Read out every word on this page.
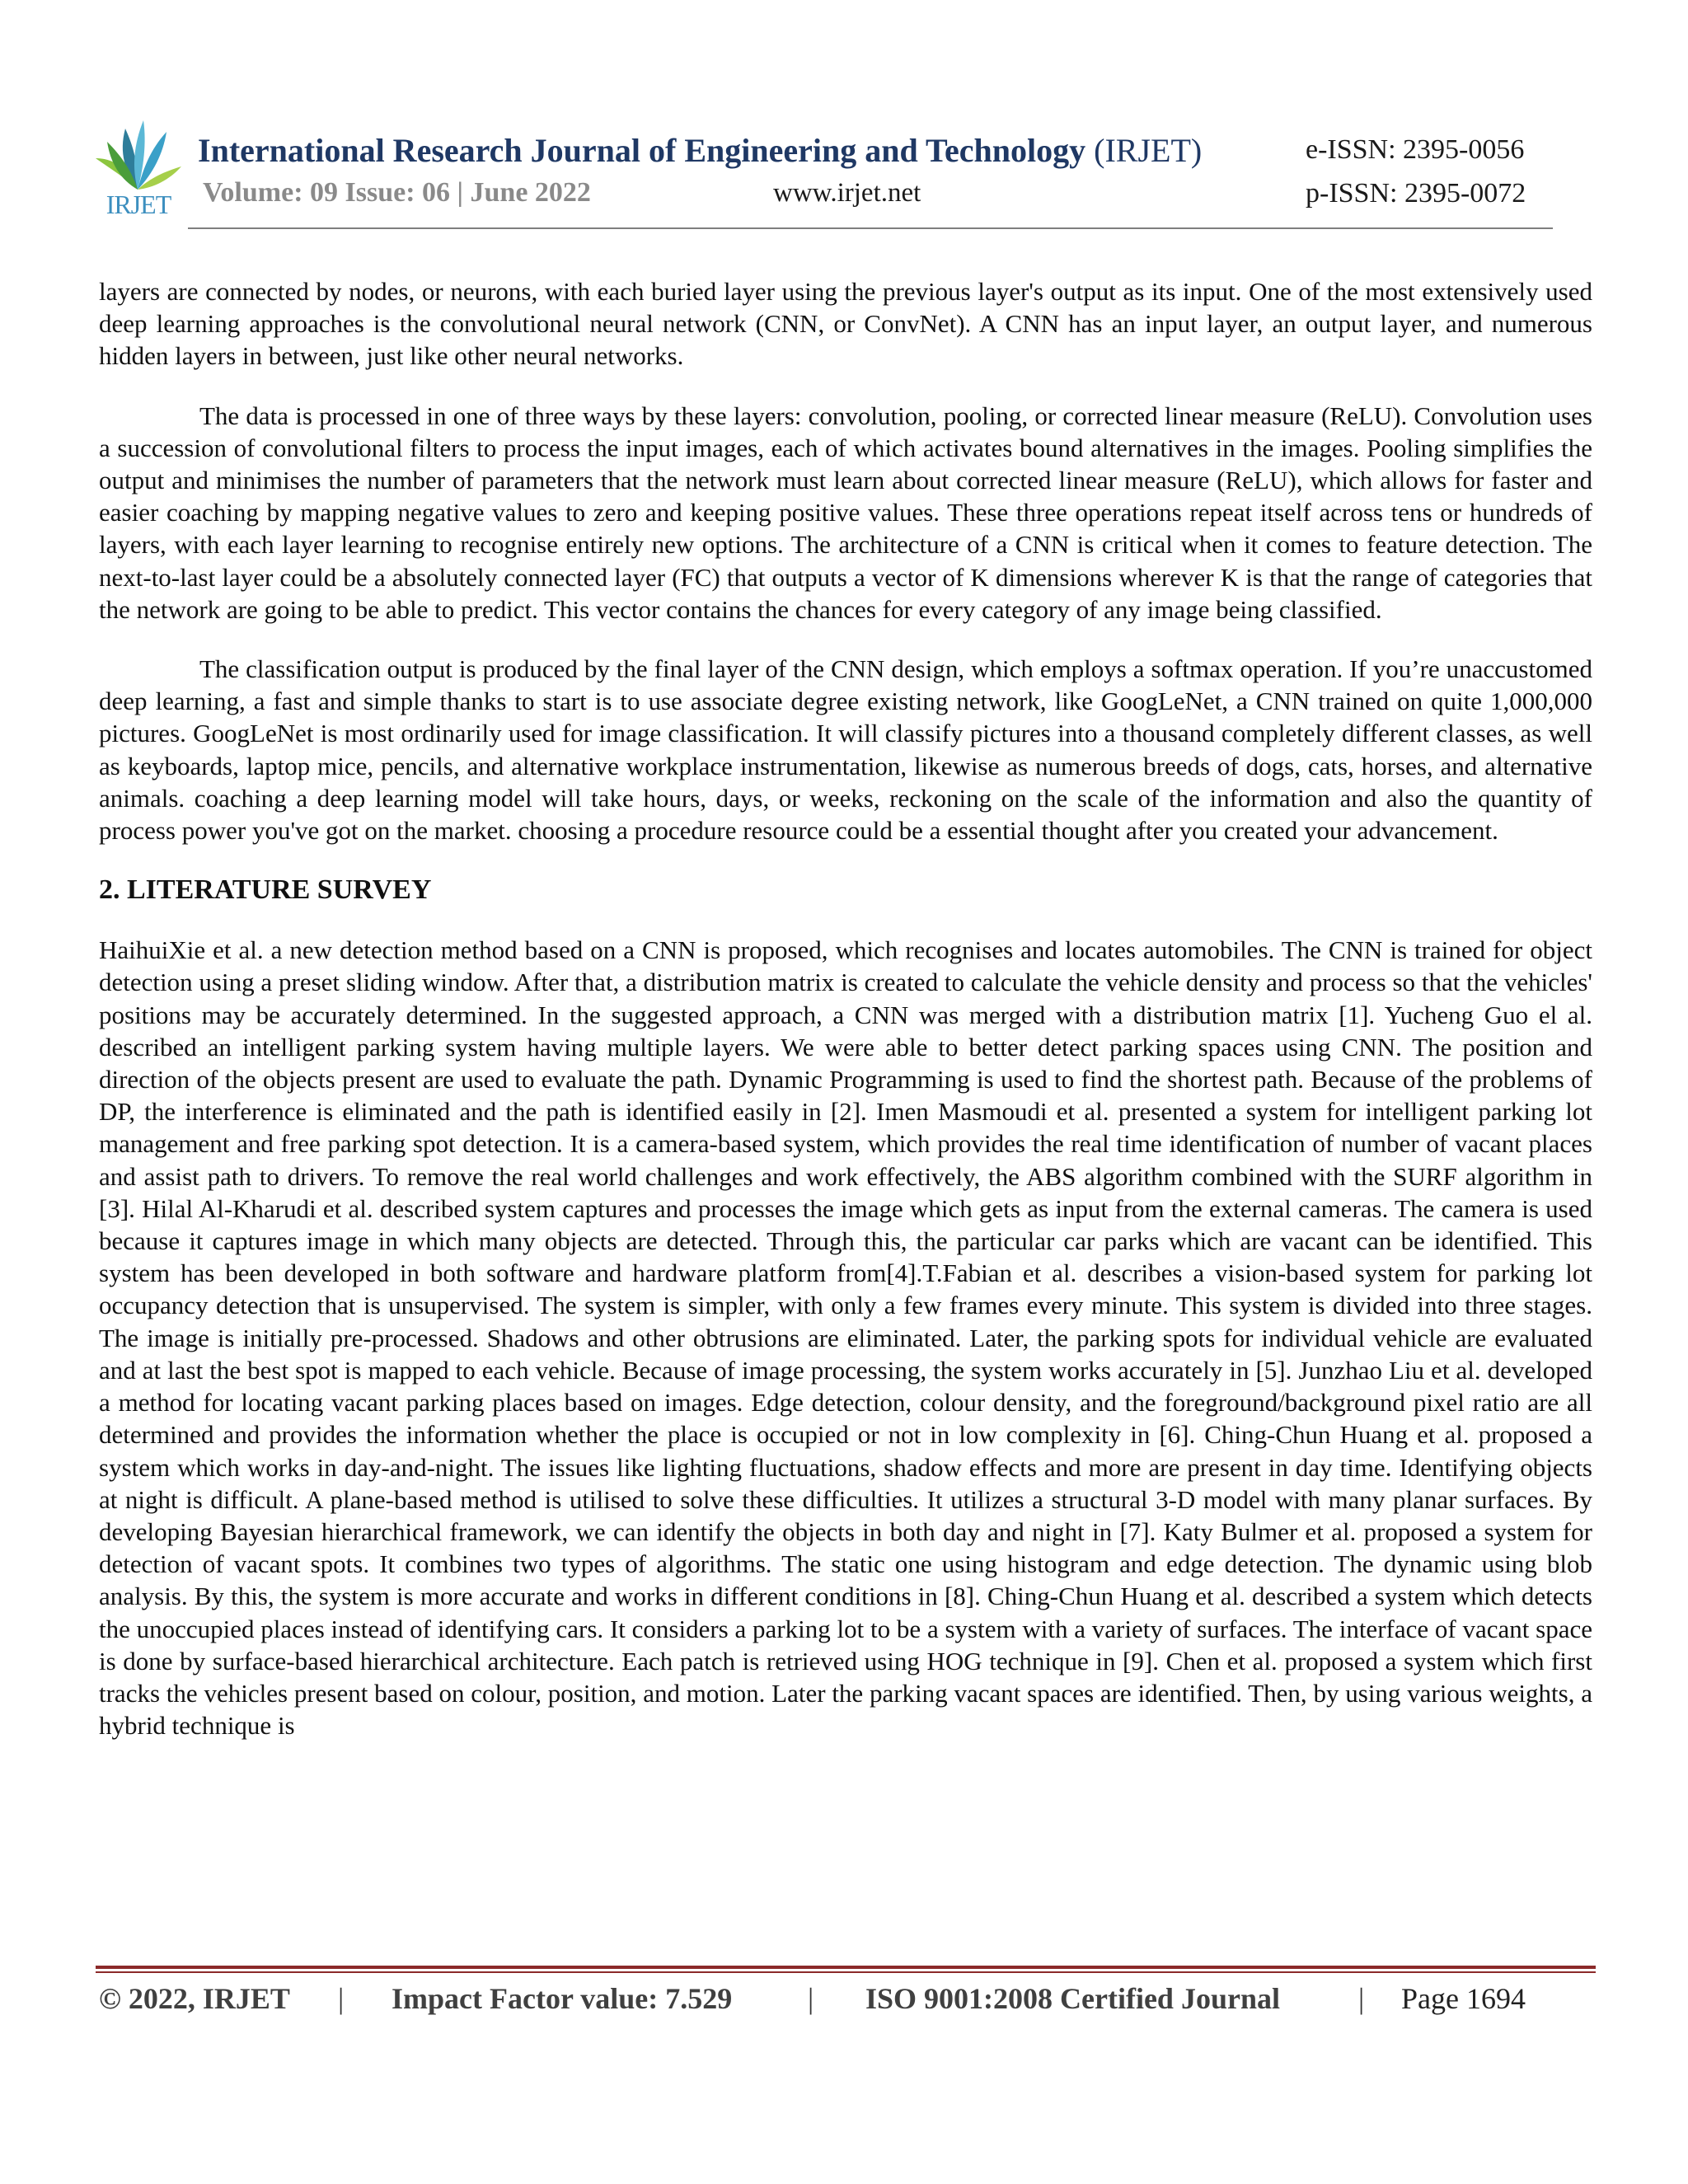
IRJET
International Research Journal of Engineering and Technology (IRJET)	e-ISSN: 2395-0056
Volume: 09 Issue: 06 | June 2022	www.irjet.net	p-ISSN: 2395-0072

layers are connected by nodes, or neurons, with each buried layer using the previous layer's output as its input. One of the most extensively used deep learning approaches is the convolutional neural network (CNN, or ConvNet). A CNN has an input layer, an output layer, and numerous hidden layers in between, just like other neural networks.

The data is processed in one of three ways by these layers: convolution, pooling, or corrected linear measure (ReLU). Convolution uses a succession of convolutional filters to process the input images, each of which activates bound alternatives in the images. Pooling simplifies the output and minimises the number of parameters that the network must learn about corrected linear measure (ReLU), which allows for faster and easier coaching by mapping negative values to zero and keeping positive values. These three operations repeat itself across tens or hundreds of layers, with each layer learning to recognise entirely new options. The architecture of a CNN is critical when it comes to feature detection. The next-to-last layer could be a absolutely connected layer (FC) that outputs a vector of K dimensions wherever K is that the range of categories that the network are going to be able to predict. This vector contains the chances for every category of any image being classified.

The classification output is produced by the final layer of the CNN design, which employs a softmax operation. If you’re unaccustomed deep learning, a fast and simple thanks to start is to use associate degree existing network, like GoogLeNet, a CNN trained on quite 1,000,000 pictures. GoogLeNet is most ordinarily used for image classification. It will classify pictures into a thousand completely different classes, as well as keyboards, laptop mice, pencils, and alternative workplace instrumentation, likewise as numerous breeds of dogs, cats, horses, and alternative animals. coaching a deep learning model will take hours, days, or weeks, reckoning on the scale of the information and also the quantity of process power you've got on the market. choosing a procedure resource could be a essential thought after you created your advancement.

2. LITERATURE SURVEY

HaihuiXie et al. a new detection method based on a CNN is proposed, which recognises and locates automobiles. The CNN is trained for object detection using a preset sliding window. After that, a distribution matrix is created to calculate the vehicle density and process so that the vehicles' positions may be accurately determined. In the suggested approach, a CNN was merged with a distribution matrix [1]. Yucheng Guo el al. described an intelligent parking system having multiple layers. We were able to better detect parking spaces using CNN. The position and direction of the objects present are used to evaluate the path. Dynamic Programming is used to find the shortest path. Because of the problems of DP, the interference is eliminated and the path is identified easily in [2]. Imen Masmoudi et al. presented a system for intelligent parking lot management and free parking spot detection. It is a camera-based system, which provides the real time identification of number of vacant places and assist path to drivers. To remove the real world challenges and work effectively, the ABS algorithm combined with the SURF algorithm in [3]. Hilal Al-Kharudi et al. described system captures and processes the image which gets as input from the external cameras. The camera is used because it captures image in which many objects are detected. Through this, the particular car parks which are vacant can be identified. This system has been developed in both software and hardware platform from[4].T.Fabian et al. describes a vision-based system for parking lot occupancy detection that is unsupervised. The system is simpler, with only a few frames every minute. This system is divided into three stages. The image is initially pre-processed. Shadows and other obtrusions are eliminated. Later, the parking spots for individual vehicle are evaluated and at last the best spot is mapped to each vehicle. Because of image processing, the system works accurately in [5]. Junzhao Liu et al. developed a method for locating vacant parking places based on images. Edge detection, colour density, and the foreground/background pixel ratio are all determined and provides the information whether the place is occupied or not in low complexity in [6]. Ching-Chun Huang et al. proposed a system which works in day-and-night. The issues like lighting fluctuations, shadow effects and more are present in day time. Identifying objects at night is difficult. A plane-based method is utilised to solve these difficulties. It utilizes a structural 3-D model with many planar surfaces. By developing Bayesian hierarchical framework, we can identify the objects in both day and night in [7]. Katy Bulmer et al. proposed a system for detection of vacant spots. It combines two types of algorithms. The static one using histogram and edge detection. The dynamic using blob analysis. By this, the system is more accurate and works in different conditions in [8]. Ching-Chun Huang et al. described a system which detects the unoccupied places instead of identifying cars. It considers a parking lot to be a system with a variety of surfaces. The interface of vacant space is done by surface-based hierarchical architecture. Each patch is retrieved using HOG technique in [9]. Chen et al. proposed a system which first tracks the vehicles present based on colour, position, and motion. Later the parking vacant spaces are identified. Then, by using various weights, a hybrid technique is

© 2022, IRJET | Impact Factor value: 7.529	| ISO 9001:2008 Certified Journal	| Page 1694
